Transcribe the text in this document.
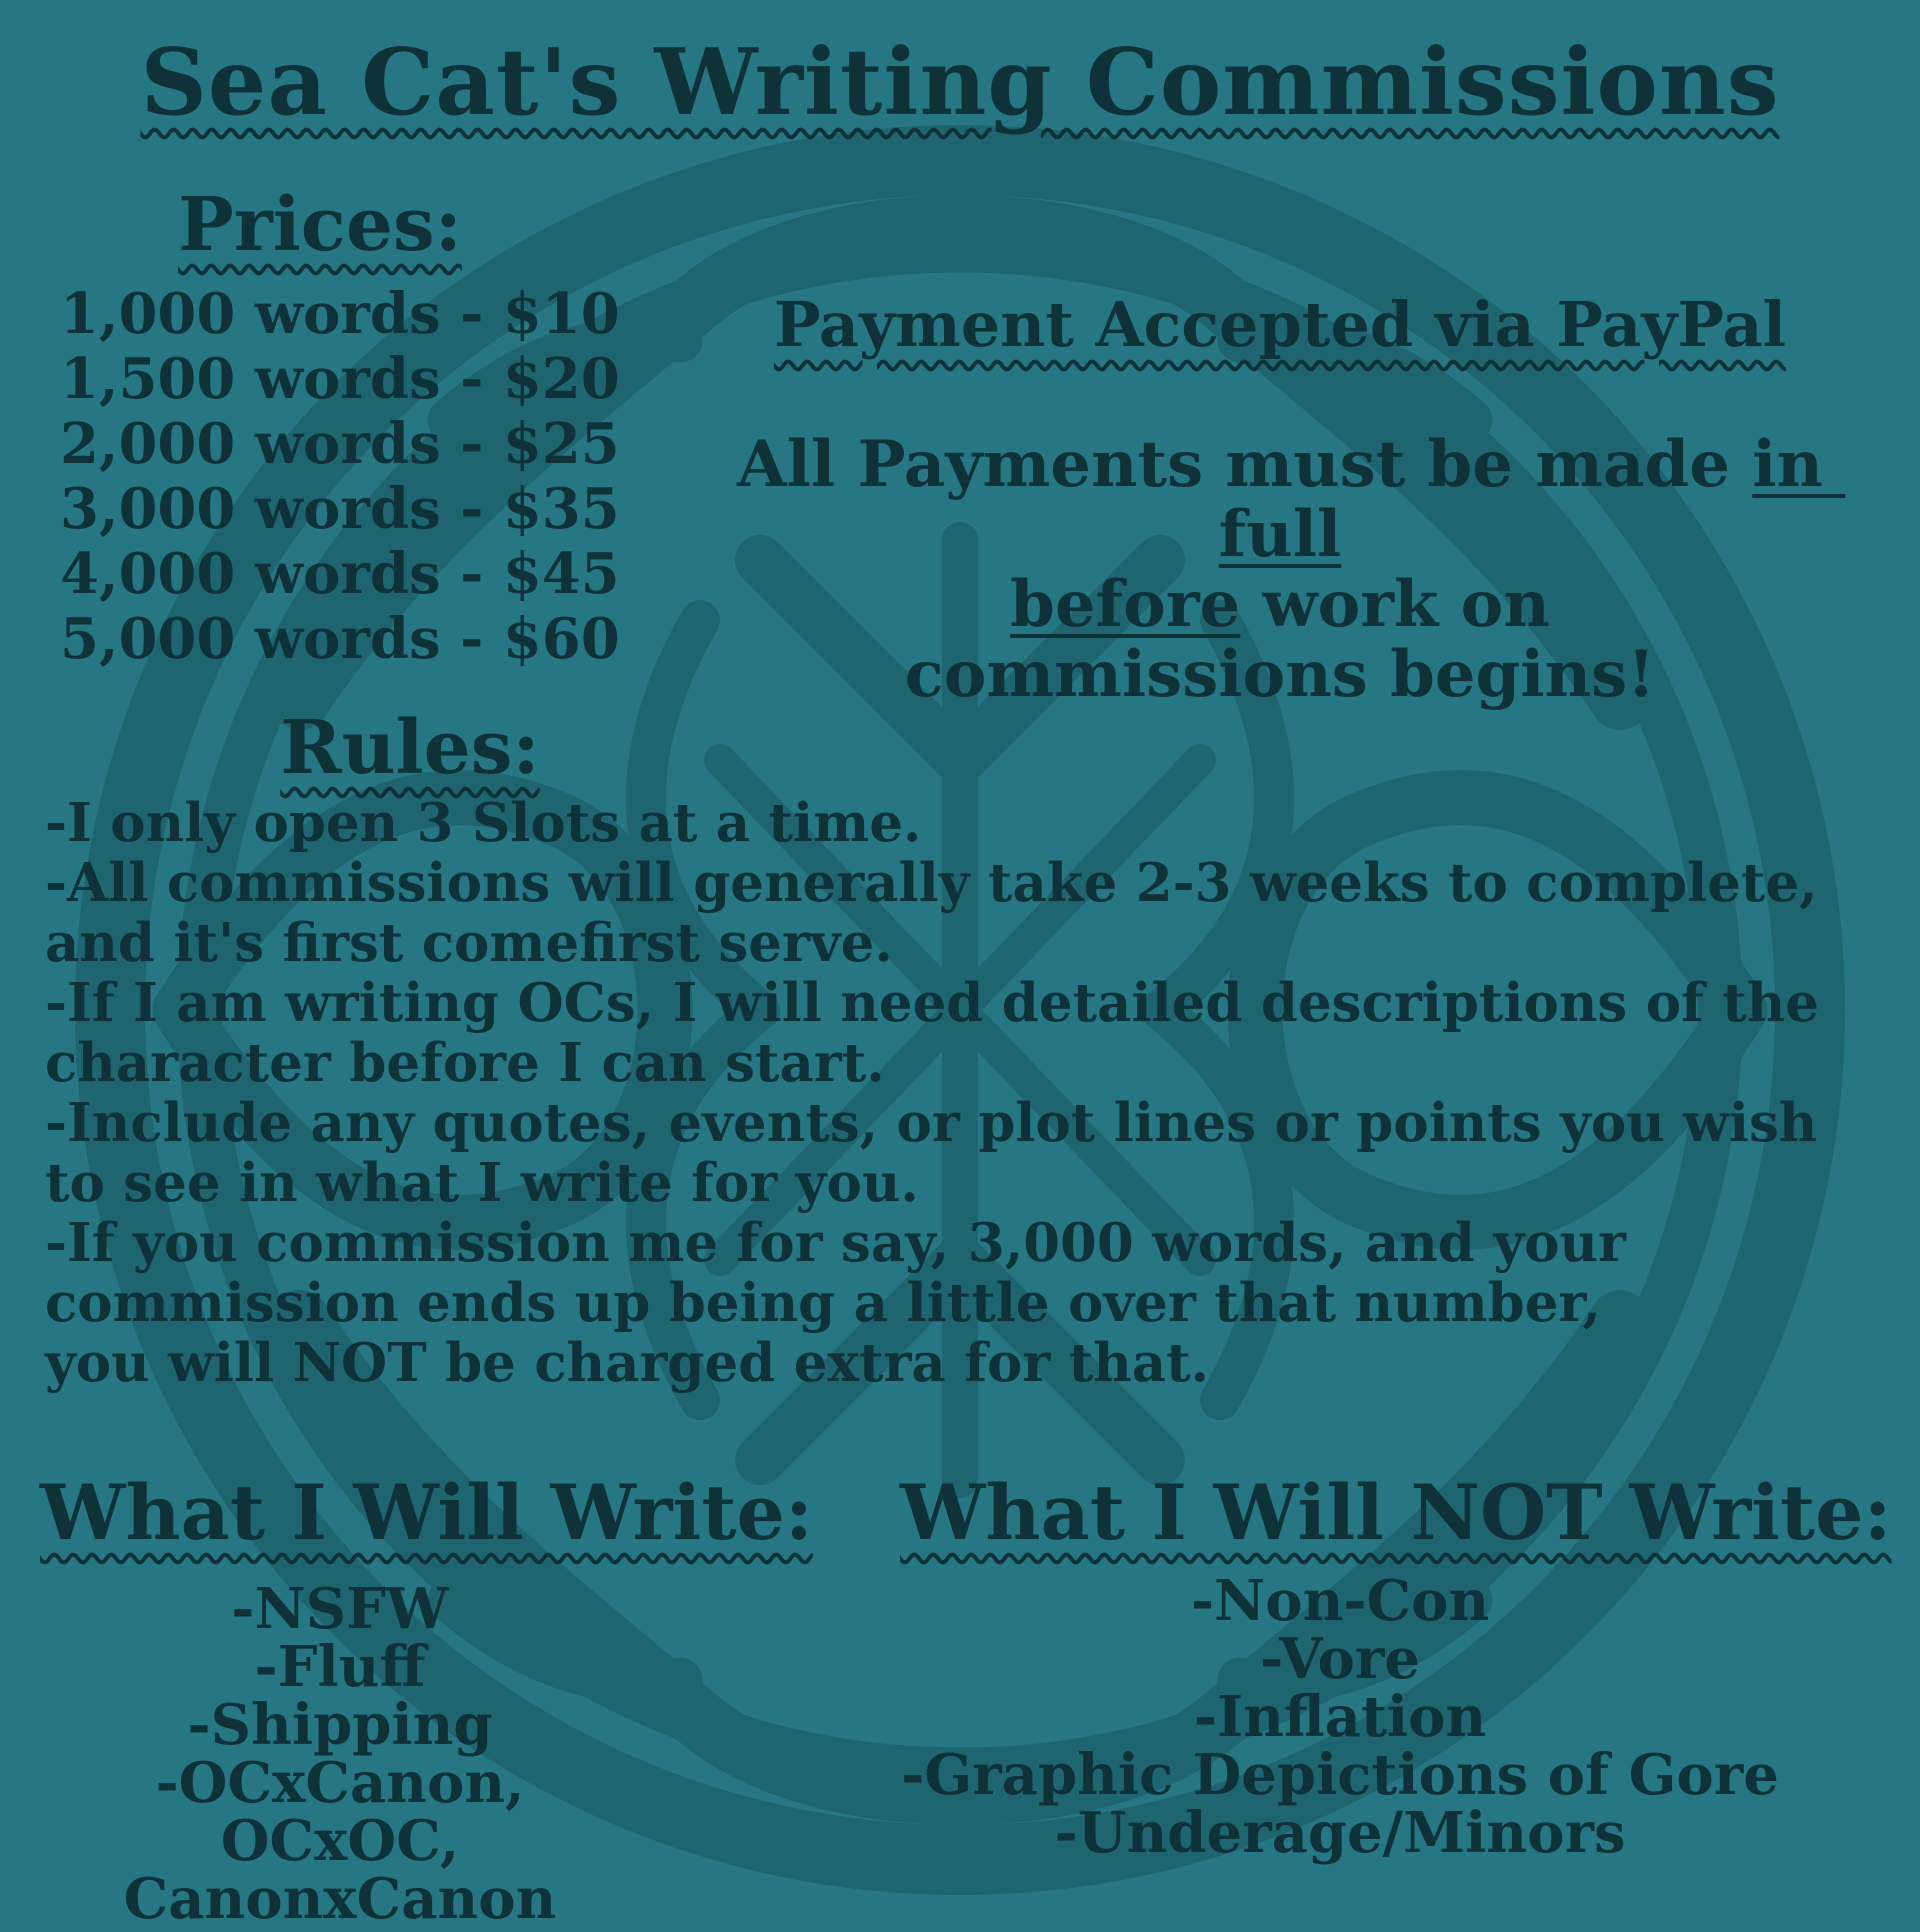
Sea Cat's Writing Commissions
Prices:
1,000 words - $10
1,500 words - $20
2,000 words - $25
3,000 words - $35
4,000 words - $45
5,000 words - $60
Payment Accepted via PayPal
All Payments must be made in full
before work on
commissions begins!
Rules:
-I only open 3 Slots at a time.
-All commissions will generally take 2-3 weeks to complete,
and it's first comefirst serve.
-If I am writing OCs, I will need detailed descriptions of the
character before I can start.
-Include any quotes, events, or plot lines or points you wish
to see in what I write for you.
-If you commission me for say, 3,000 words, and your
commission ends up being a little over that number,
you will NOT be charged extra for that.
What I Will Write:
-NSFW
-Fluff
-Shipping
-OCxCanon, OCxOC,
CanonxCanon
What I Will NOT Write:
-Non-Con
-Vore
-Inflation
-Graphic Depictions of Gore
-Underage/Minors
